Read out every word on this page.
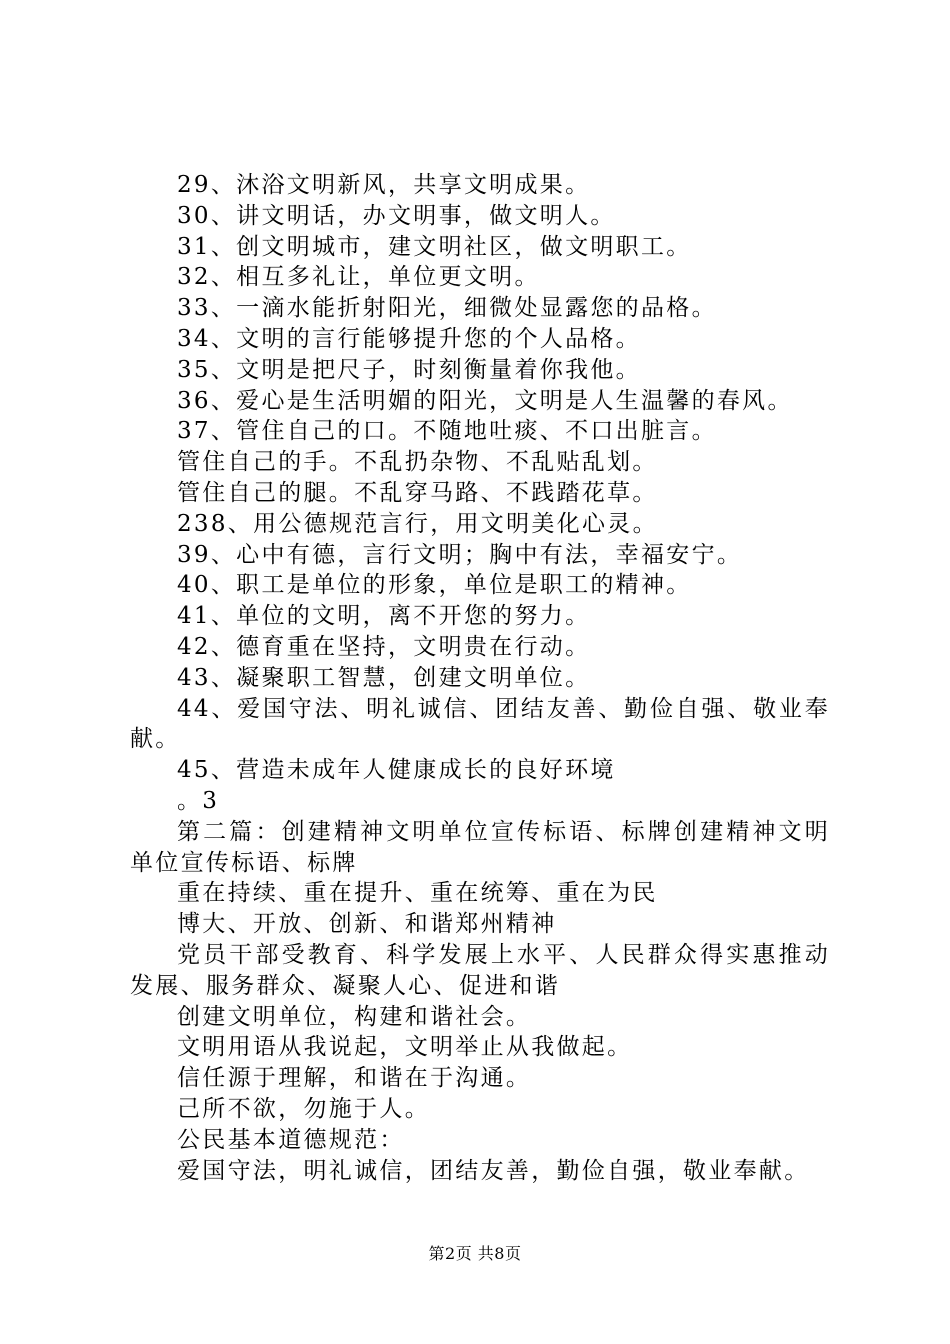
29、沐浴文明新风，共享文明成果。
30、讲文明话，办文明事，做文明人。
31、创文明城市，建文明社区，做文明职工。
32、相互多礼让，单位更文明。
33、一滴水能折射阳光，细微处显露您的品格。
34、文明的言行能够提升您的个人品格。
35、文明是把尺子，时刻衡量着你我他。
36、爱心是生活明媚的阳光，文明是人生温馨的春风。
37、管住自己的口。不随地吐痰、不口出脏言。
管住自己的手。不乱扔杂物、不乱贴乱划。
管住自己的腿。不乱穿马路、不践踏花草。
238、用公德规范言行，用文明美化心灵。
39、心中有德，言行文明；胸中有法，幸福安宁。
40、职工是单位的形象，单位是职工的精神。
41、单位的文明，离不开您的努力。
42、德育重在坚持，文明贵在行动。
43、凝聚职工智慧，创建文明单位。
44、爱国守法、明礼诚信、团结友善、勤俭自强、敬业奉献。
45、营造未成年人健康成长的良好环境
。3
第二篇：创建精神文明单位宣传标语、标牌创建精神文明单位宣传标语、标牌
重在持续、重在提升、重在统筹、重在为民
博大、开放、创新、和谐郑州精神
党员干部受教育、科学发展上水平、人民群众得实惠推动发展、服务群众、凝聚人心、促进和谐
创建文明单位，构建和谐社会。
文明用语从我说起，文明举止从我做起。
信任源于理解，和谐在于沟通。
己所不欲，勿施于人。
公民基本道德规范：
爱国守法，明礼诚信，团结友善，勤俭自强，敬业奉献。
第2页 共8页
